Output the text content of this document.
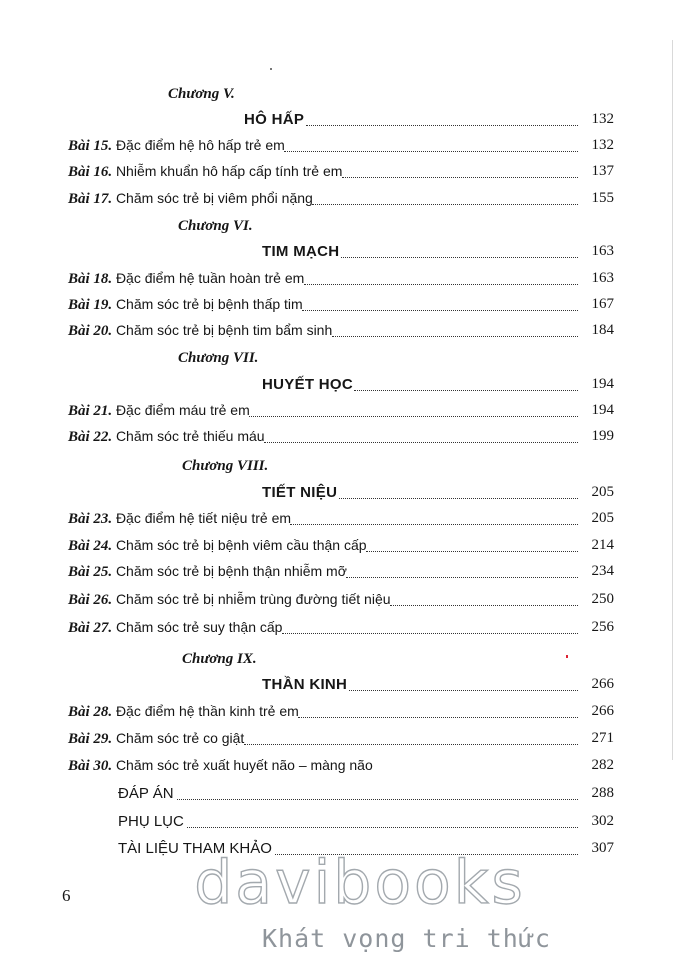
Chương V.
HÔ HẤP	132
Bài 15. Đặc điểm hệ hô hấp trẻ em	132
Bài 16. Nhiễm khuẩn hô hấp cấp tính trẻ em	137
Bài 17. Chăm sóc trẻ bị viêm phổi nặng	155
Chương VI.
TIM MẠCH	163
Bài 18. Đặc điểm hệ tuần hoàn trẻ em	163
Bài 19. Chăm sóc trẻ bị bệnh thấp tim	167
Bài 20. Chăm sóc trẻ bị bệnh tim bẩm sinh	184
Chương VII.
HUYẾT HỌC	194
Bài 21. Đặc điểm máu trẻ em	194
Bài 22. Chăm sóc trẻ thiếu máu	199
Chương VIII.
TIẾT NIỆU	205
Bài 23. Đặc điểm hệ tiết niệu trẻ em	205
Bài 24. Chăm sóc trẻ bị bệnh viêm cầu thận cấp	214
Bài 25. Chăm sóc trẻ bị bệnh thận nhiễm mỡ	234
Bài 26. Chăm sóc trẻ bị nhiễm trùng đường tiết niệu	250
Bài 27. Chăm sóc trẻ suy thận cấp	256
Chương IX.
THẦN KINH	266
Bài 28. Đặc điểm hệ thần kinh trẻ em	266
Bài 29. Chăm sóc trẻ co giật	271
Bài 30. Chăm sóc trẻ xuất huyết não – màng não	282
ĐÁP ÁN	288
PHỤ LỤC	302
TÀI LIỆU THAM KHẢO	307
6	davibooks
Khát vọng tri thức
